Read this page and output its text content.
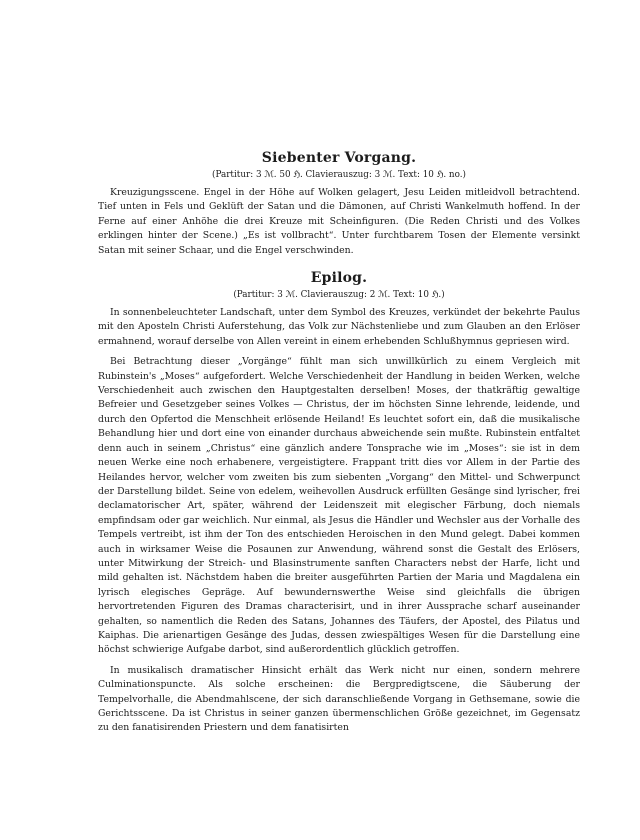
Siebenter Vorgang.
(Partitur: 3 ℳ. 50 ℌ. Clavierauszug: 3 ℳ. Text: 10 ℌ. no.)

Kreuzigungsscene. Engel in der Höhe auf Wolken gelagert, Jesu Leiden mitleidvoll betrachtend. Tief unten in Fels und Geklüft der Satan und die Dämonen, auf Christi Wankelmuth hoffend. In der Ferne auf einer Anhöhe die drei Kreuze mit Scheinfiguren. (Die Reden Christi und des Volkes erklingen hinter der Scene.) „Es ist vollbracht“. Unter furchtbarem Tosen der Elemente versinkt Satan mit seiner Schaar, und die Engel verschwinden.

Epilog.
(Partitur: 3 ℳ. Clavierauszug: 2 ℳ. Text: 10 ℌ.)

In sonnenbeleuchteter Landschaft, unter dem Symbol des Kreuzes, verkündet der bekehrte Paulus mit den Aposteln Christi Auferstehung, das Volk zur Nächstenliebe und zum Glauben an den Erlöser ermahnend, worauf derselbe von Allen vereint in einem erhebenden Schlußhymnus gepriesen wird.

Bei Betrachtung dieser „Vorgänge“ fühlt man sich unwillkürlich zu einem Vergleich mit Rubinstein's „Moses“ aufgefordert. Welche Verschiedenheit der Handlung in beiden Werken, welche Verschiedenheit auch zwischen den Hauptgestalten derselben! Moses, der thatkräftig gewaltige Befreier und Gesetzgeber seines Volkes — Christus, der im höchsten Sinne lehrende, leidende, und durch den Opfertod die Menschheit erlösende Heiland! Es leuchtet sofort ein, daß die musikalische Behandlung hier und dort eine von einander durchaus abweichende sein mußte. Rubinstein entfaltet denn auch in seinem „Christus“ eine gänzlich andere Tonsprache wie im „Moses“: sie ist in dem neuen Werke eine noch erhabenere, vergeistigtere. Frappant tritt dies vor Allem in der Partie des Heilandes hervor, welcher vom zweiten bis zum siebenten „Vorgang“ den Mittel- und Schwerpunct der Darstellung bildet. Seine von edelem, weihevollen Ausdruck erfüllten Gesänge sind lyrischer, frei declamatorischer Art, später, während der Leidenszeit mit elegischer Färbung, doch niemals empfindsam oder gar weichlich. Nur einmal, als Jesus die Händler und Wechsler aus der Vorhalle des Tempels vertreibt, ist ihm der Ton des entschieden Heroischen in den Mund gelegt. Dabei kommen auch in wirksamer Weise die Posaunen zur Anwendung, während sonst die Gestalt des Erlösers, unter Mitwirkung der Streich- und Blasinstrumente sanften Characters nebst der Harfe, licht und mild gehalten ist. Nächstdem haben die breiter ausgeführten Partien der Maria und Magdalena ein lyrisch elegisches Gepräge. Auf bewundernswerthe Weise sind gleichfalls die übrigen hervortretenden Figuren des Dramas characterisirt, und in ihrer Aussprache scharf auseinander gehalten, so namentlich die Reden des Satans, Johannes des Täufers, der Apostel, des Pilatus und Kaiphas. Die arienartigen Gesänge des Judas, dessen zwiespältiges Wesen für die Darstellung eine höchst schwierige Aufgabe darbot, sind außerordentlich glücklich getroffen.

In musikalisch dramatischer Hinsicht erhält das Werk nicht nur einen, sondern mehrere Culminationspuncte. Als solche erscheinen: die Bergpredigtscene, die Säuberung der Tempelvorhalle, die Abendmahlscene, der sich daranschließende Vorgang in Gethsemane, sowie die Gerichtsscene. Da ist Christus in seiner ganzen übermenschlichen Größe gezeichnet, im Gegensatz zu den fanatisirenden Priestern und dem fanatisirten
